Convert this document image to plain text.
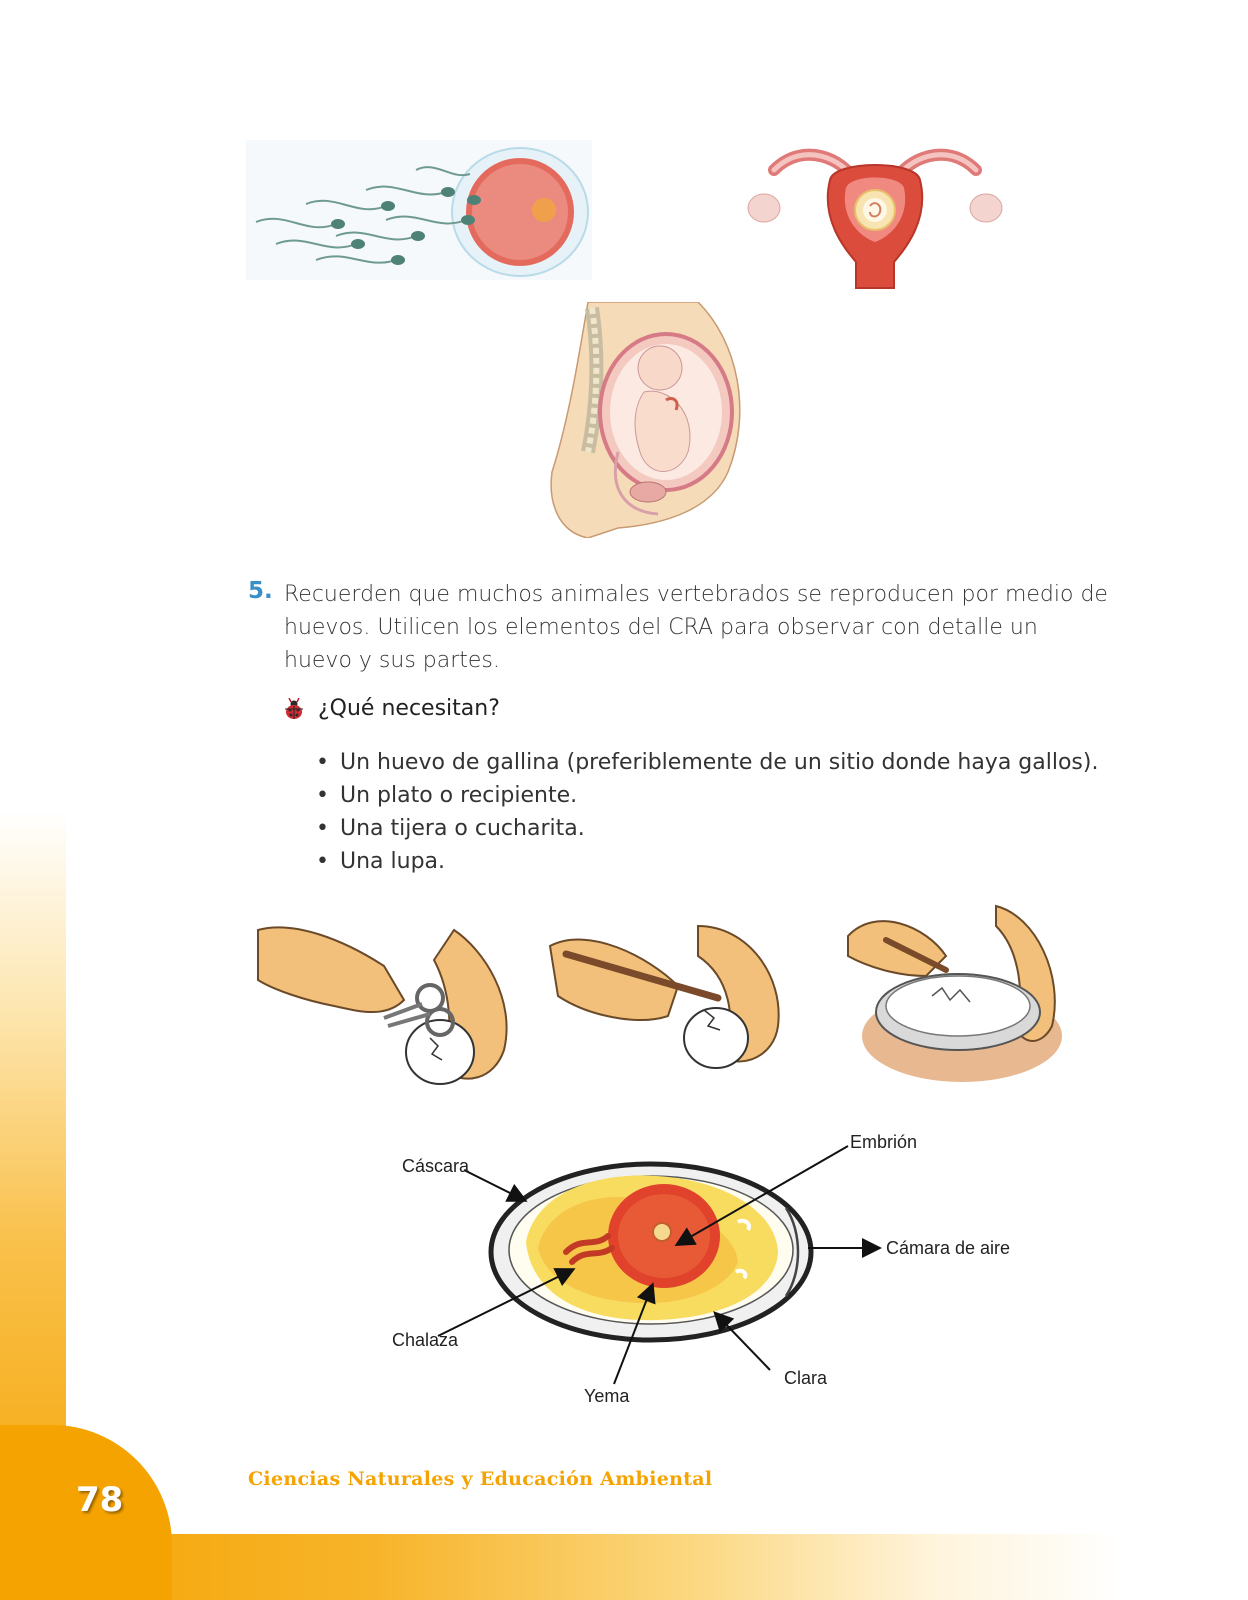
5. Recuerden que muchos animales vertebrados se reproducen por medio de huevos. Utilicen los elementos del CRA para observar con detalle un huevo y sus partes.
¿Qué necesitan?
• Un huevo de gallina (preferiblemente de un sitio donde haya gallos).
• Un plato o recipiente.
• Una tijera o cucharita.
• Una lupa.
Cáscara
Embrión
Cámara de aire
Chalaza
Yema
Clara
78
Ciencias Naturales y Educación Ambiental
